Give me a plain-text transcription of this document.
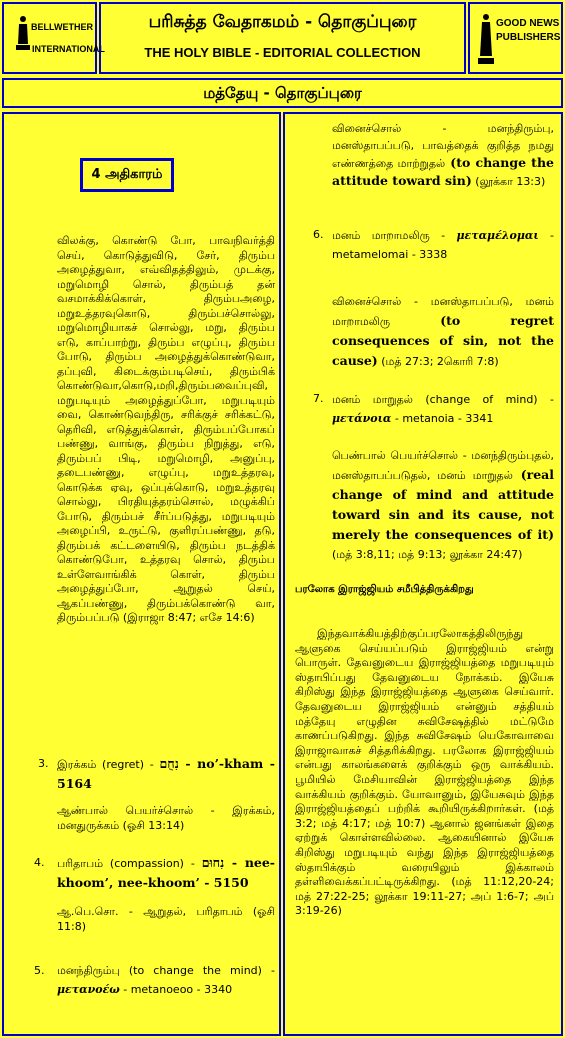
BELLWETHER
INTERNATIONAL
பரிசுத்த வேதாகமம் - தொகுப்புரை
THE HOLY BIBLE - EDITORIAL COLLECTION
GOOD NEWS
PUBLISHERS
மத்தேயு - தொகுப்புரை
4 அதிகாரம்
விலக்கு, கொண்டு போ, பாவநிவர்த்தி செய், கொடுத்துவிடு, சேர், திரும்ப அழைத்துவா, எவ்விதத்திலும், முடக்கு, மறுமொழி சொல், திரும்பத் தன் வசமாக்கிக்கொள், திரும்பஅழை, மறுஉத்தரவுகொடு, திரும்பச்சொல்லு, மறுமொழியாகச் சொல்லு, மறு, திரும்ப எடு, காப்பாற்று, திரும்ப எழுப்பு, திரும்ப போடு, திரும்ப அழைத்துக்கொண்டுவா, தப்புவி, கிடைக்கும்படிசெய், திரும்பிக் கொண்டுவா,கொடு,மறி,திரும்பவைப்புவி, மறுபடியும் அழைத்துப்போ, மறுபடியும் வை, கொண்டுவந்திரு, சரிக்குச் சரிக்கட்டு, தெரிவி, எடுத்துக்கொள், திரும்பப்போகப் பண்ணு, வாங்கு, திரும்ப நிறுத்து, எடு, திரும்பப் பிடி, மறுமொழி, அனுப்பு, தடைபண்ணு, எழுப்பு, மறுஉத்தரவு, கொடுக்க ஏவு, ஒப்புக்கொடு, மறுஉத்தரவு சொல்லு, பிரதியுத்தரம்சொல், மழுக்கிப் போடு, திரும்பச் சீர்ப்படுத்து, மறுபடியும் அழைப்பி, உருட்டு, குளிரப்பண்ணு, தடு, திரும்பக் கட்டளையிடு, திரும்ப நடத்திக் கொண்டுபோ, உத்தரவு சொல், திரும்ப உள்ளேவாங்கிக் கொள், திரும்ப அழைத்துப்போ, ஆறுதல் செய், ஆகப்பண்ணு, திரும்பக்கொண்டு வா, திரும்பப்படு (இராஜா 8:47; எசே 14:6)
3. இரக்கம் (regret) - נִחֻם - no’-kham - 5164
ஆண்பால் பெயர்ச்சொல் - இரக்கம், மனதுருக்கம் (ஓசி 13:14)
4. பரிதாபம் (compassion) - נִחוּם - nee-khoom’, nee-khoom’ - 5150
ஆ.பெ.சொ. - ஆறுதல், பரிதாபம் (ஓசி 11:8)
5. மனந்திரும்பு (to change the mind) - μετανοέω - metanoeoo - 3340
வினைச்சொல் - மனந்திரும்பு, மனஸ்தாபப்படு, பாவத்தைக் குறித்த நமது எண்ணத்தை மாற்றுதல் (to change the attitude toward sin) (லூக்கா 13:3)
6. மனம் மாறாமலிரு - μεταμέλομαι - metamelomai - 3338
வினைச்சொல் - மனஸ்தாபப்படு, மனம் மாறாமலிரு (to regret consequences of sin, not the cause) (மத் 27:3; 2கொரி 7:8)
7. மனம் மாறுதல் (change of mind) - μετάνοια - metanoia - 3341
பெண்பால் பெயர்ச்சொல் - மனந்திரும்புதல், மனஸ்தாபப்படுதல், மனம் மாறுதல் (real change of mind and attitude toward sin and its cause, not merely the consequences of it) (மத் 3:8,11; மத் 9:13; லூக்கா 24:47)
பரலோக இராஜ்ஜியம் சமீபித்திருக்கிறது
இந்தவாக்கியத்திற்குப்பரலோகத்திலிருந்து ஆளுகை செய்யப்படும் இராஜ்ஜியம் என்று பொருள். தேவனுடைய இராஜ்ஜியத்தை மறுபடியும் ஸ்தாபிப்பது தேவனுடைய நோக்கம். இயேசு கிறிஸ்து இந்த இராஜ்ஜியத்தை ஆளுகை செய்வார். தேவனுடைய இராஜ்ஜியம் என்னும் சத்தியம் மத்தேயு எழுதின சுவிசேஷத்தில் மட்டுமே காணப்படுகிறது. இந்த சுவிசேஷம் யெகோவாவை இராஜாவாகச் சித்தரிக்கிறது. பரலோக இராஜ்ஜியம் என்பது காலங்களைக் குறிக்கும் ஒரு வாக்கியம். பூமியில் மேசியாவின் இராஜ்ஜியத்தை இந்த வாக்கியம் குறிக்கும். யோவானும், இயேசுவும் இந்த இராஜ்ஜியத்தைப் பற்றிக் கூறியிருக்கிறார்கள். (மத் 3:2; மத் 4:17; மத் 10:7) ஆனால் ஜனங்கள் இதை ஏற்றுக் கொள்ளவில்லை. ஆகையினால் இயேசு கிறிஸ்து மறுபடியும் வந்து இந்த இராஜ்ஜியத்தை ஸ்தாபிக்கும் வரையிலும் இக்காலம் தள்ளிவைக்கப்பட்டிருக்கிறது. (மத் 11:12,20-24; மத் 27:22-25; லூக்கா 19:11-27; அப் 1:6-7; அப் 3:19-26)
